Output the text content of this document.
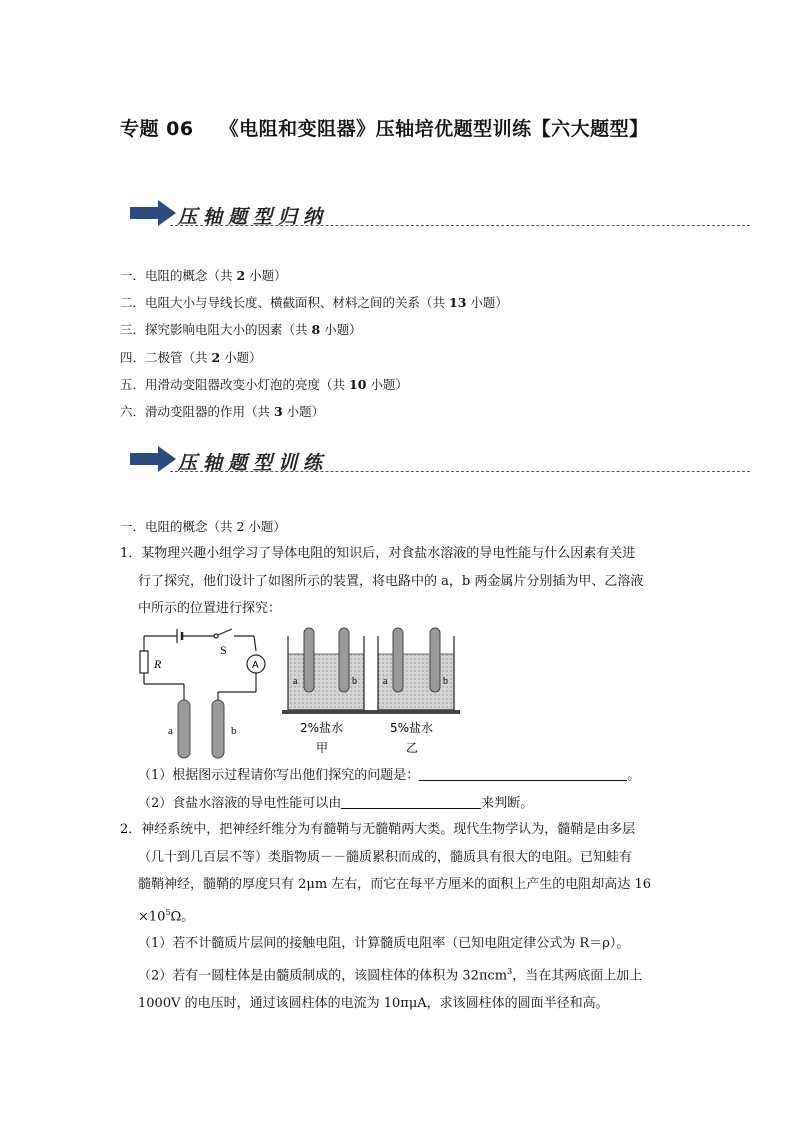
专题 06 《电阻和变阻器》压轴培优题型训练【六大题型】
压轴题型归纳
一．电阻的概念（共 2 小题）
二．电阻大小与导线长度、横截面积、材料之间的关系（共 13 小题）
三．探究影响电阻大小的因素（共 8 小题）
四．二极管（共 2 小题）
五．用滑动变阻器改变小灯泡的亮度（共 10 小题）
六．滑动变阻器的作用（共 3 小题）
压轴题型训练
一．电阻的概念（共 2 小题）
1．某物理兴趣小组学习了导体电阻的知识后，对食盐水溶液的导电性能与什么因素有关进
行了探究，他们设计了如图所示的装置，将电路中的 a，b 两金属片分别插为甲、乙溶液
中所示的位置进行探究：
R
S
A
a	b
a	b	a	b
2%盐水
甲
5%盐水
乙
（1）根据图示过程请你写出他们探究的问题是：	。
（2）食盐水溶液的导电性能可以由	来判断。
2．神经系统中，把神经纤维分为有髓鞘与无髓鞘两大类。现代生物学认为，髓鞘是由多层
（几十到几百层不等）类脂物质－－髓质累积而成的，髓质具有很大的电阻。已知蛙有
髓鞘神经，髓鞘的厚度只有 2μm 左右，而它在每平方厘米的面积上产生的电阻却高达 16
$\times 10^5\Omega$。
（1）若不计髓质片层间的接触电阻，计算髓质电阻率（已知电阻定律公式为 R＝ρ）。
（2）若有一圆柱体是由髓质制成的，该圆柱体的体积为 32πcm$^3$，当在其两底面上加上
1000V 的电压时，通过该圆柱体的电流为 10πμA，求该圆柱体的圆面半径和高。
